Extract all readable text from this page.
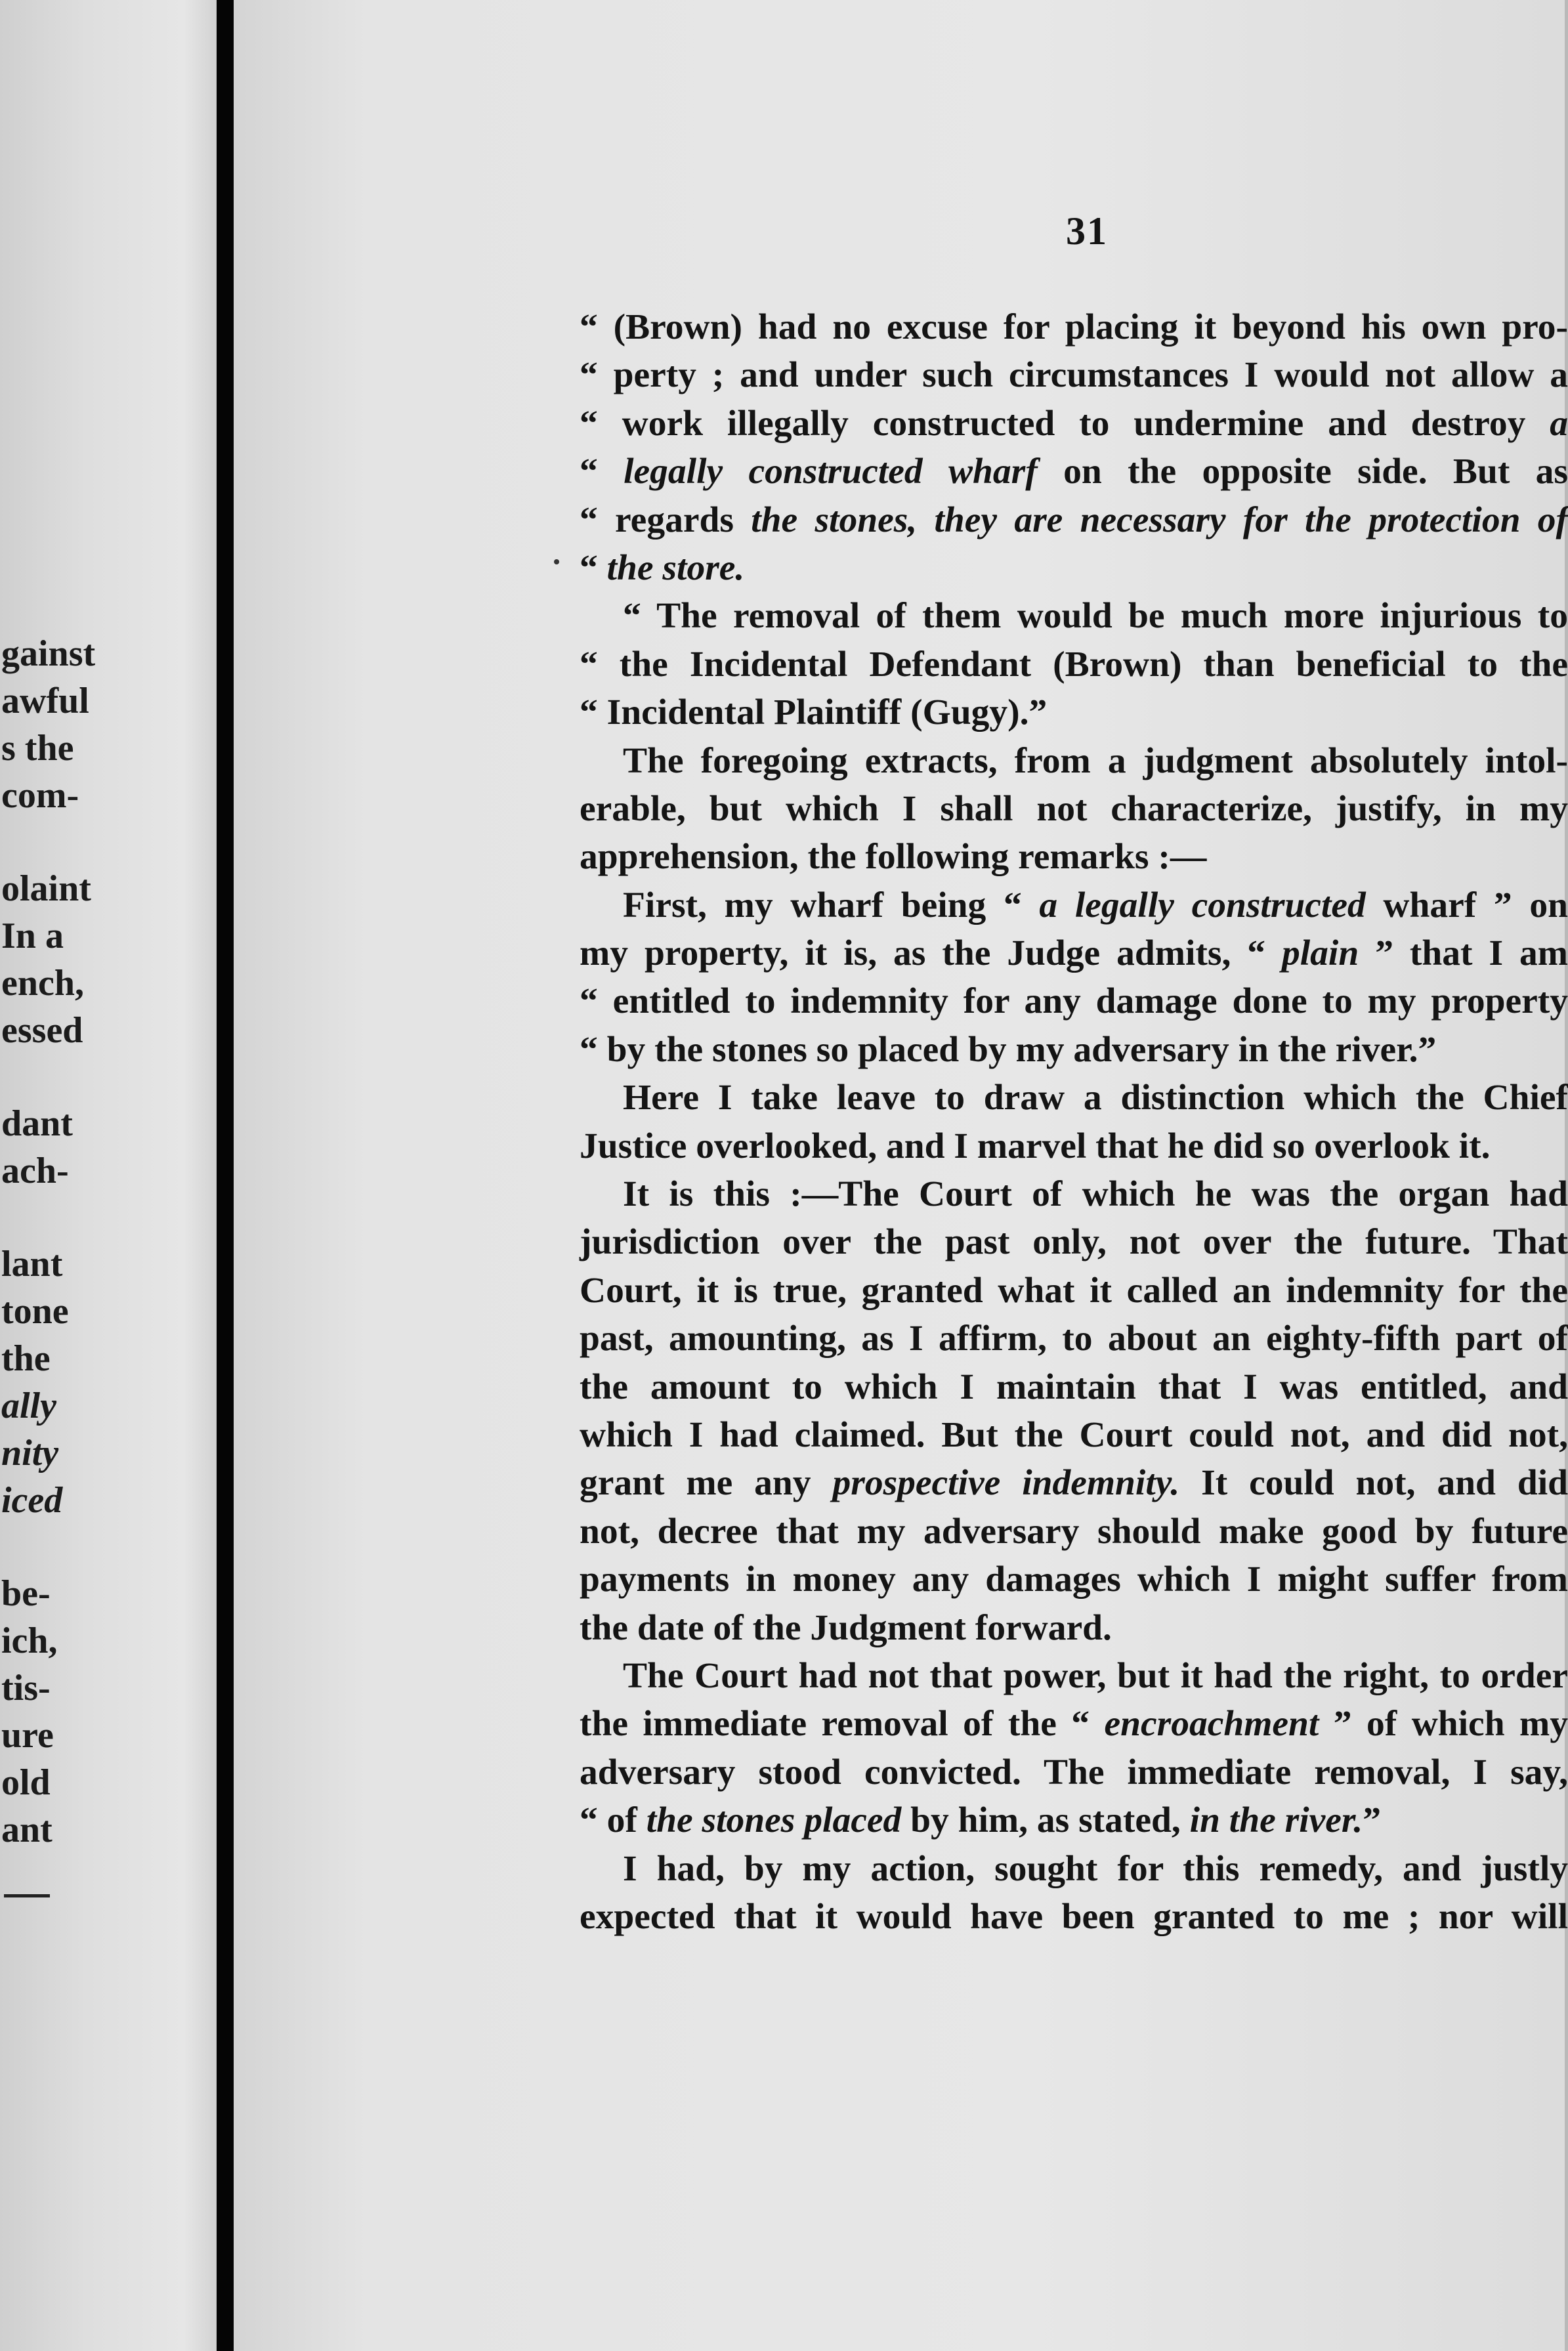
gainst

awful

s the

com-

olaint

In a

ench,

essed

dant

ach-

lant

tone

the

ally

nity

iced

be-

ich,

tis-

ure

old

ant

31
“ (Brown) had no excuse for placing it beyond his own pro-
“ perty ; and under such circumstances I would not allow a
“ work illegally constructed to undermine and destroy a
“ legally constructed wharf on the opposite side. But as
“ regards the stones, they are necessary for the protection of
“ the store.
“ The removal of them would be much more injurious to
“ the Incidental Defendant (Brown) than beneficial to the
“ Incidental Plaintiff (Gugy).”
The foregoing extracts, from a judgment absolutely intol-
erable, but which I shall not characterize, justify, in my
apprehension, the following remarks :—
First, my wharf being “ a legally constructed wharf ” on
my property, it is, as the Judge admits, “ plain ” that I am
“ entitled to indemnity for any damage done to my property
“ by the stones so placed by my adversary in the river.”
Here I take leave to draw a distinction which the Chief
Justice overlooked, and I marvel that he did so overlook it.
It is this :—The Court of which he was the organ had
jurisdiction over the past only, not over the future. That
Court, it is true, granted what it called an indemnity for the
past, amounting, as I affirm, to about an eighty-fifth part of
the amount to which I maintain that I was entitled, and
which I had claimed. But the Court could not, and did not,
grant me any prospective indemnity. It could not, and did
not, decree that my adversary should make good by future
payments in money any damages which I might suffer from
the date of the Judgment forward.
The Court had not that power, but it had the right, to order
the immediate removal of the “ encroachment ” of which my
adversary stood convicted. The immediate removal, I say,
“ of the stones placed by him, as stated, in the river.”
I had, by my action, sought for this remedy, and justly
expected that it would have been granted to me ; nor will
